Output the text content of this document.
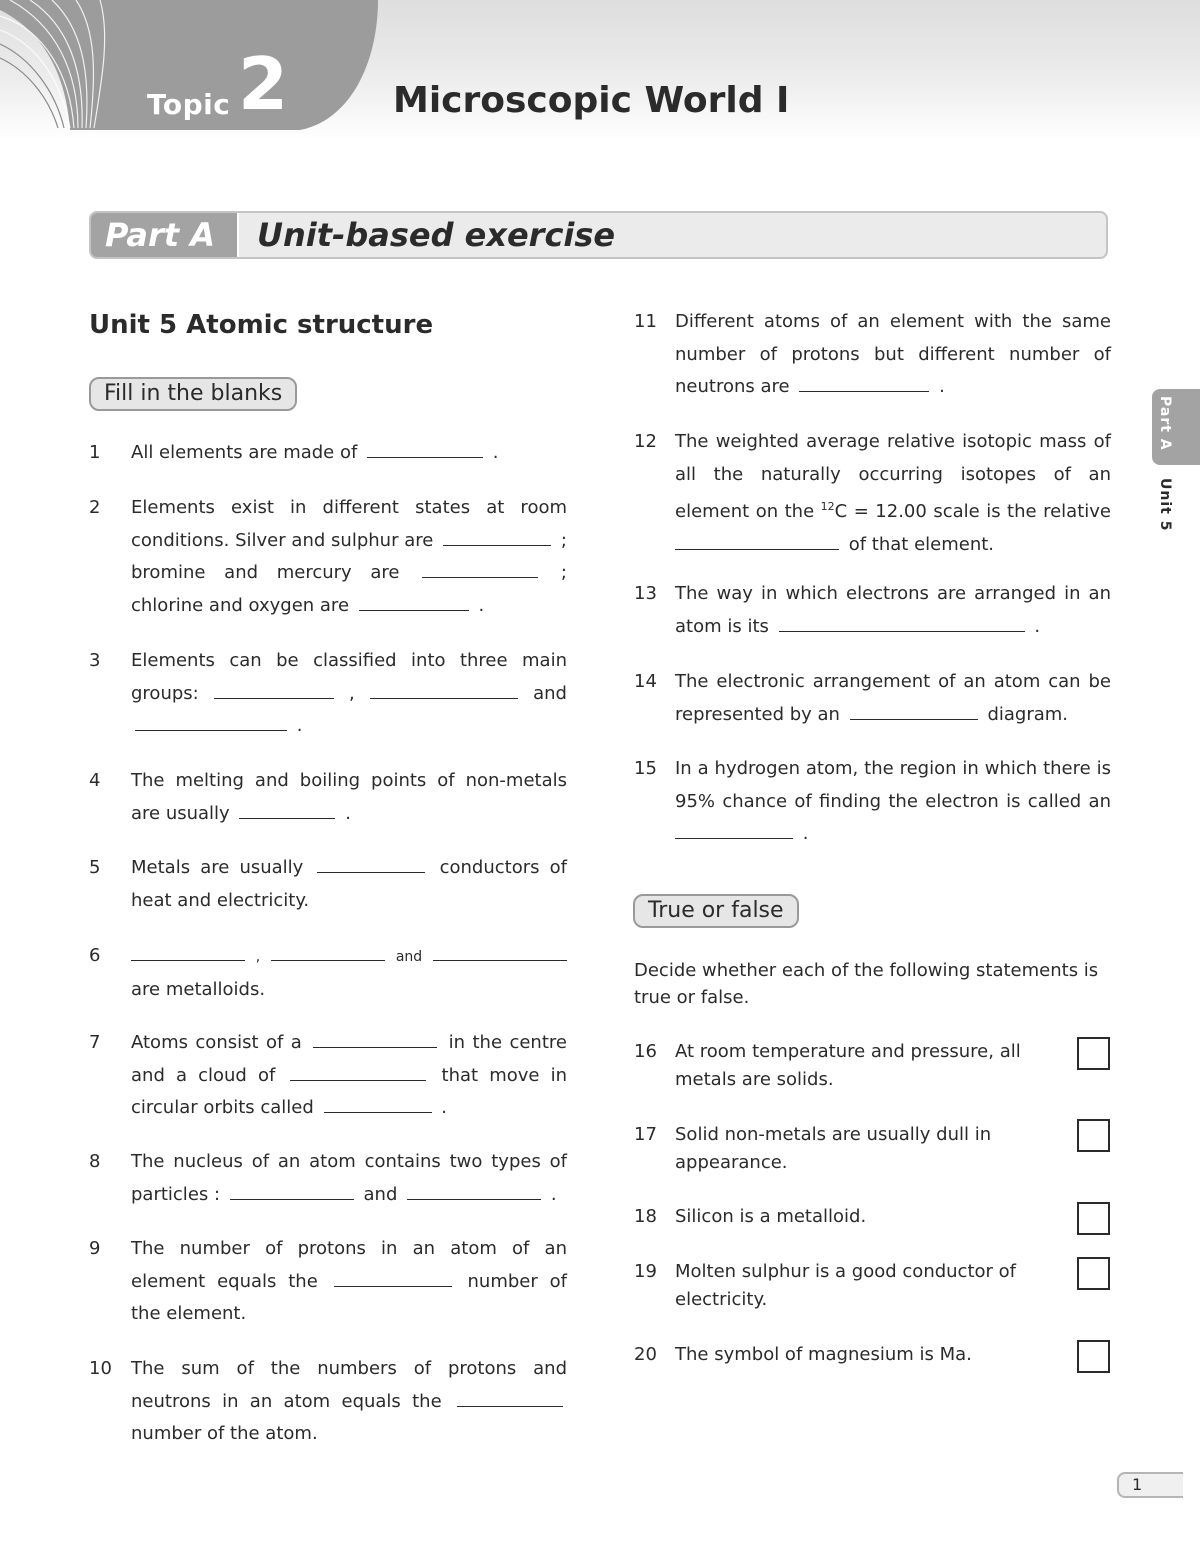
Topic 2	Microscopic World I
Part A	Unit-based exercise
Part A
Unit 5
Unit 5 Atomic structure
Fill in the blanks
1 All elements are made of	.
2 Elements exist in different states at room conditions. Silver and sulphur are	; bromine and mercury are	; chlorine and oxygen are	.
3 Elements can be classified into three main groups:	,	and  .
4 The melting and boiling points of non-metals are usually	.
5 Metals are usually	conductors of heat and electricity.
6	,	and  are metalloids.
7 Atoms consist of a	in the centre and a cloud of	that move in circular orbits called	.
8 The nucleus of an atom contains two types of particles :	and	.
9 The number of protons in an atom of an element equals the	number of the element.
10 The sum of the numbers of protons and neutrons in an atom equals the  number of the atom.
11 Different atoms of an element with the same number of protons but different number of neutrons are	.
12 The weighted average relative isotopic mass of all the naturally occurring isotopes of an element on the $^{12}$C = 12.00 scale is the relative  of that element.
13 The way in which electrons are arranged in an atom is its	.
14 The electronic arrangement of an atom can be represented by an	diagram.
15 In a hydrogen atom, the region in which there is 95% chance of finding the electron is called an  .
True or false
Decide whether each of the following statements is true or false.
16 At room temperature and pressure, all metals are solids.
17 Solid non-metals are usually dull in appearance.
18 Silicon is a metalloid.
19 Molten sulphur is a good conductor of electricity.
20 The symbol of magnesium is Ma.
1
